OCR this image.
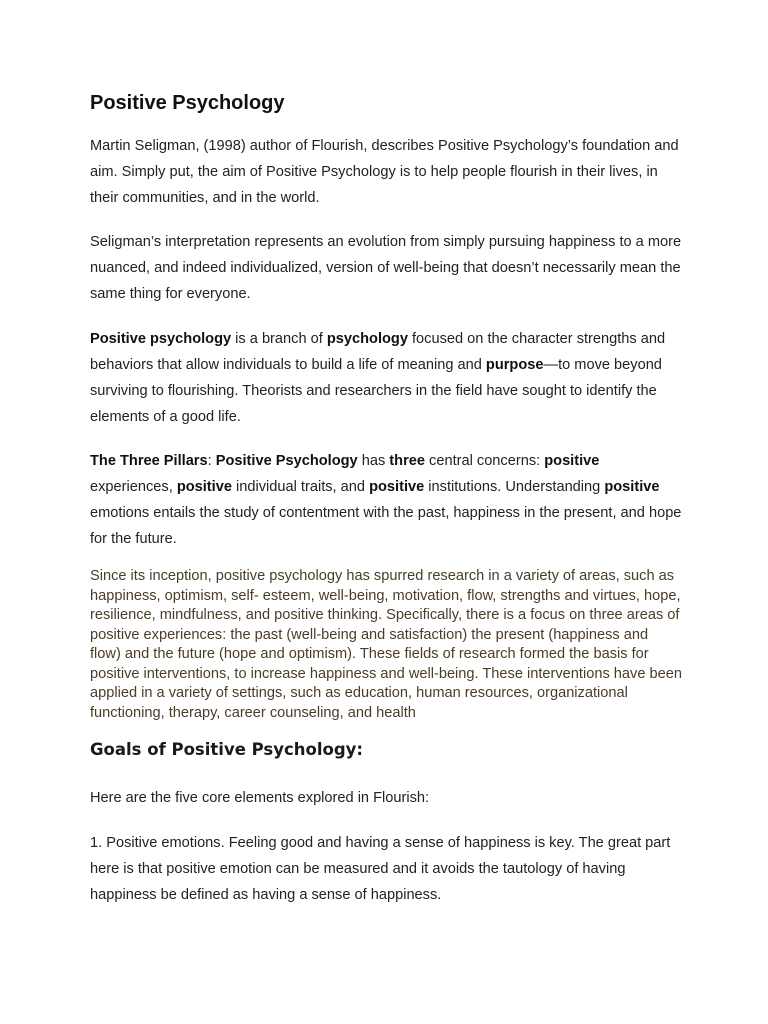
Positive Psychology

Martin Seligman, (1998) author of Flourish, describes Positive Psychology’s foundation and aim. Simply put, the aim of Positive Psychology is to help people flourish in their lives, in their communities, and in the world.

Seligman’s interpretation represents an evolution from simply pursuing happiness to a more nuanced, and indeed individualized, version of well-being that doesn’t necessarily mean the same thing for everyone.

Positive psychology is a branch of psychology focused on the character strengths and behaviors that allow individuals to build a life of meaning and purpose—to move beyond surviving to flourishing. Theorists and researchers in the field have sought to identify the elements of a good life.

The Three Pillars: Positive Psychology has three central concerns: positive experiences, positive individual traits, and positive institutions. Understanding positive emotions entails the study of contentment with the past, happiness in the present, and hope for the future.

Since its inception, positive psychology has spurred research in a variety of areas, such as happiness, optimism, self- esteem, well-being, motivation, flow, strengths and virtues, hope, resilience, mindfulness, and positive thinking. Specifically, there is a focus on three areas of positive experiences: the past (well-being and satisfaction) the present (happiness and flow) and the future (hope and optimism). These fields of research formed the basis for positive interventions, to increase happiness and well-being. These interventions have been applied in a variety of settings, such as education, human resources, organizational functioning, therapy, career counseling, and health

Goals of Positive Psychology:

Here are the five core elements explored in Flourish:

1. Positive emotions. Feeling good and having a sense of happiness is key. The great part here is that positive emotion can be measured and it avoids the tautology of having happiness be defined as having a sense of happiness.
